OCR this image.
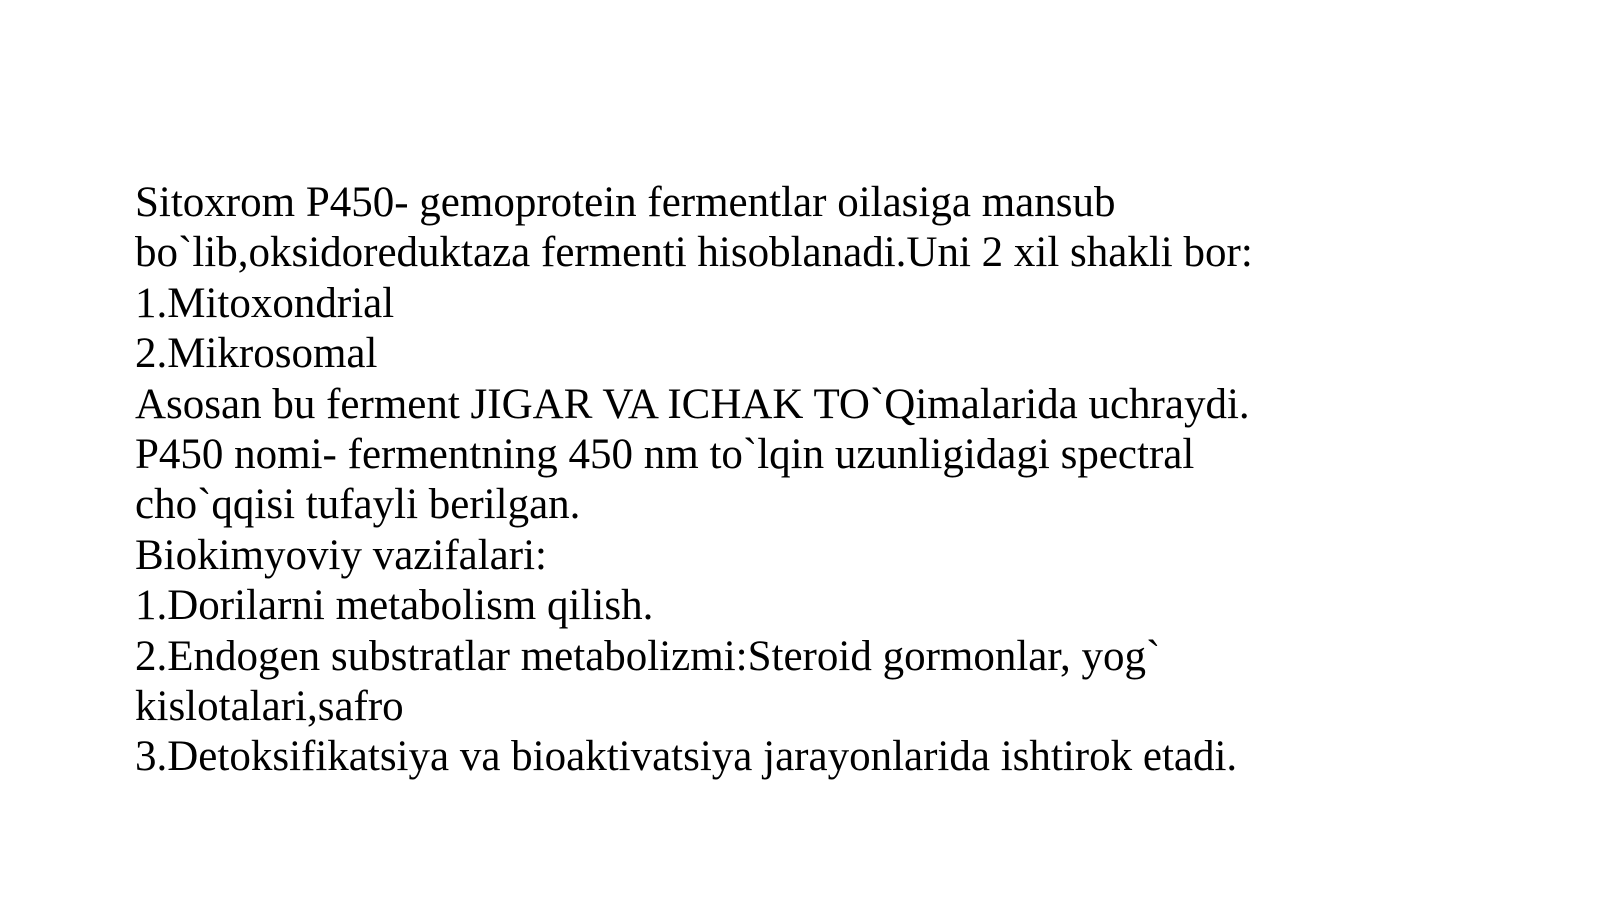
Sitoxrom P450- gemoprotein fermentlar oilasiga mansub
bo`lib,oksidoreduktaza fermenti hisoblanadi.Uni 2 xil shakli bor:
1.Mitoxondrial
2.Mikrosomal
Asosan bu ferment JIGAR VA ICHAK TO`Qimalarida uchraydi.
P450 nomi- fermentning 450 nm to`lqin uzunligidagi spectral
cho`qqisi tufayli berilgan.
Biokimyoviy vazifalari:
1.Dorilarni metabolism qilish.
2.Endogen substratlar metabolizmi:Steroid gormonlar, yog`
kislotalari,safro
3.Detoksifikatsiya va bioaktivatsiya jarayonlarida ishtirok etadi.
